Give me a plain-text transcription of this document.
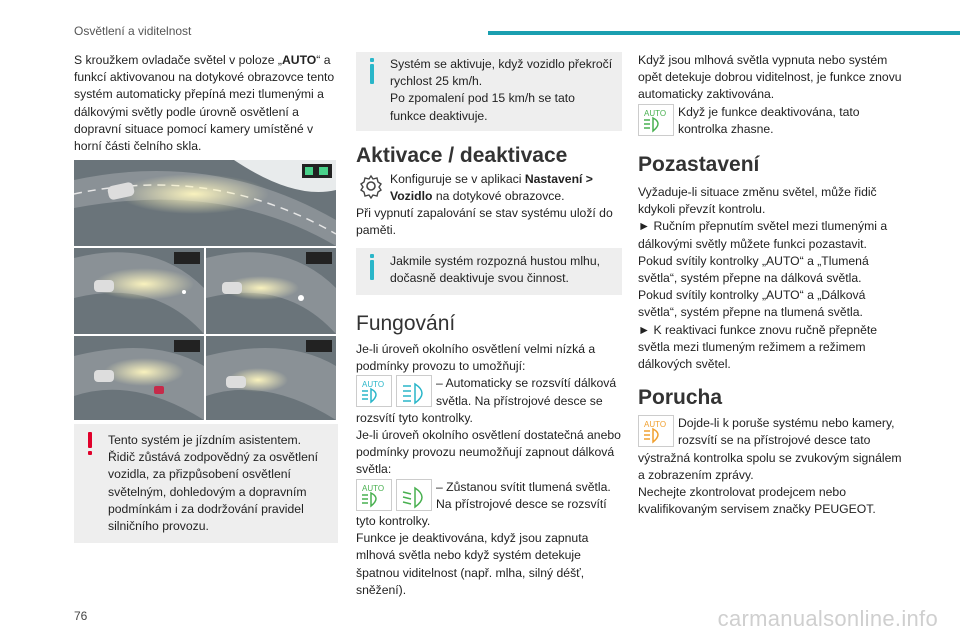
Osvětlení a viditelnost

S kroužkem ovladače světel v poloze „AUTO“ a funkcí aktivovanou na dotykové obrazovce tento systém automaticky přepíná mezi tlumenými a dálkovými světly podle úrovně osvětlení a dopravní situace pomocí kamery umístěné v horní části čelního skla.

Tento systém je jízdním asistentem. Řidič zůstává zodpovědný za osvětlení vozidla, za přizpůsobení osvětlení světelným, dohledovým a dopravním podmínkám i za dodržování pravidel silničního provozu.

Systém se aktivuje, když vozidlo překročí rychlost 25 km/h.
Po zpomalení pod 15 km/h se tato funkce deaktivuje.

Aktivace / deaktivace

Konfiguruje se v aplikaci Nastavení > Vozidlo na dotykové obrazovce.

Při vypnutí zapalování se stav systému uloží do paměti.

Jakmile systém rozpozná hustou mlhu, dočasně deaktivuje svou činnost.

Fungování

Je-li úroveň okolního osvětlení velmi nízká a podmínky provozu to umožňují:

AUTO	– Automaticky se rozsvítí dálková světla. Na přístrojové desce se rozsvítí tyto kontrolky.

Je-li úroveň okolního osvětlení dostatečná anebo podmínky provozu neumožňují zapnout dálková světla:

AUTO	– Zůstanou svítit tlumená světla. Na přístrojové desce se rozsvítí tyto kontrolky.

Funkce je deaktivována, když jsou zapnuta mlhová světla nebo když systém detekuje špatnou viditelnost (např. mlha, silný déšť, sněžení).

Když jsou mlhová světla vypnuta nebo systém opět detekuje dobrou viditelnost, je funkce znovu automaticky zaktivována.

AUTO Když je funkce deaktivována, tato kontrolka zhasne.

Pozastavení

Vyžaduje-li situace změnu světel, může řidič kdykoli převzít kontrolu.

► Ručním přepnutím světel mezi tlumenými a dálkovými světly můžete funkci pozastavit.

Pokud svítily kontrolky „AUTO“ a „Tlumená světla“, systém přepne na dálková světla.

Pokud svítily kontrolky „AUTO“ a „Dálková světla“, systém přepne na tlumená světla.

► K reaktivaci funkce znovu ručně přepněte světla mezi tlumeným režimem a režimem dálkových světel.

Porucha
AUTO Dojde-li k poruše systému nebo kamery, rozsvítí se na přístrojové desce tato výstražná kontrolka spolu se zvukovým signálem a zobrazením zprávy.

Nechejte zkontrolovat prodejcem nebo kvalifikovaným servisem značky PEUGEOT.

76	carmanualsonline.info
